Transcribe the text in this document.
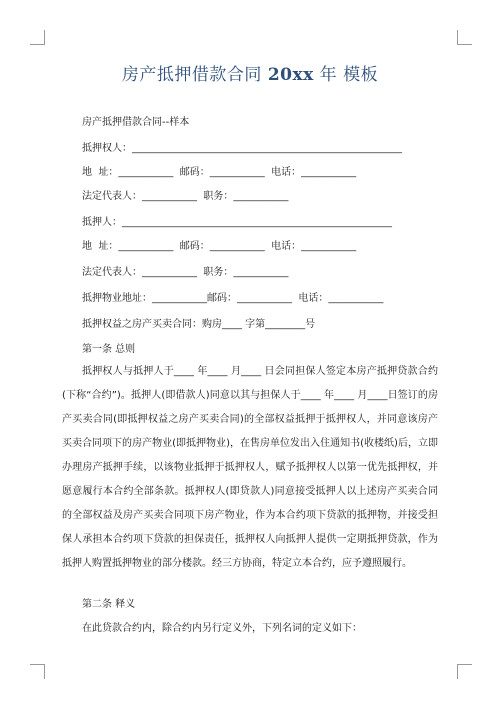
房产抵押借款合同 20xx 年 模板
房产抵押借款合同--样本
抵押权人：______________________________________________________
地  址：___________  邮码：___________  电话：___________
法定代表人：___________  职务：___________
抵押人：______________________________________________________
地  址：___________  邮码：___________  电话：___________
法定代表人：___________  职务：___________
抵押物业地址：___________邮码：___________  电话：___________
抵押权益之房产买卖合同：购房____ 字第________号
第一条 总则
抵押权人与抵押人于____ 年____ 月____ 日会同担保人签定本房产抵押贷款合约(下称“合约”)。抵押人(即借款人)同意以其与担保人于____ 年____ 月____日签订的房产买卖合同(即抵押权益之房产买卖合同)的全部权益抵押于抵押权人，并同意该房产买卖合同项下的房产物业(即抵押物业)，在售房单位发出入住通知书(收楼纸)后，立即办理房产抵押手续，以该物业抵押于抵押权人，赋予抵押权人以第一优先抵押权，并愿意履行本合约全部条款。抵押权人(即贷款人)同意接受抵押人以上述房产买卖合同的全部权益及房产买卖合同项下房产物业，作为本合约项下贷款的抵押物，并接受担保人承担本合约项下贷款的担保责任，抵押权人向抵押人提供一定期抵押贷款，作为抵押人购置抵押物业的部分楼款。经三方协商，特定立本合约，应予遵照履行。
第二条 释义
在此贷款合约内，除合约内另行定义外，下列名词的定义如下：
